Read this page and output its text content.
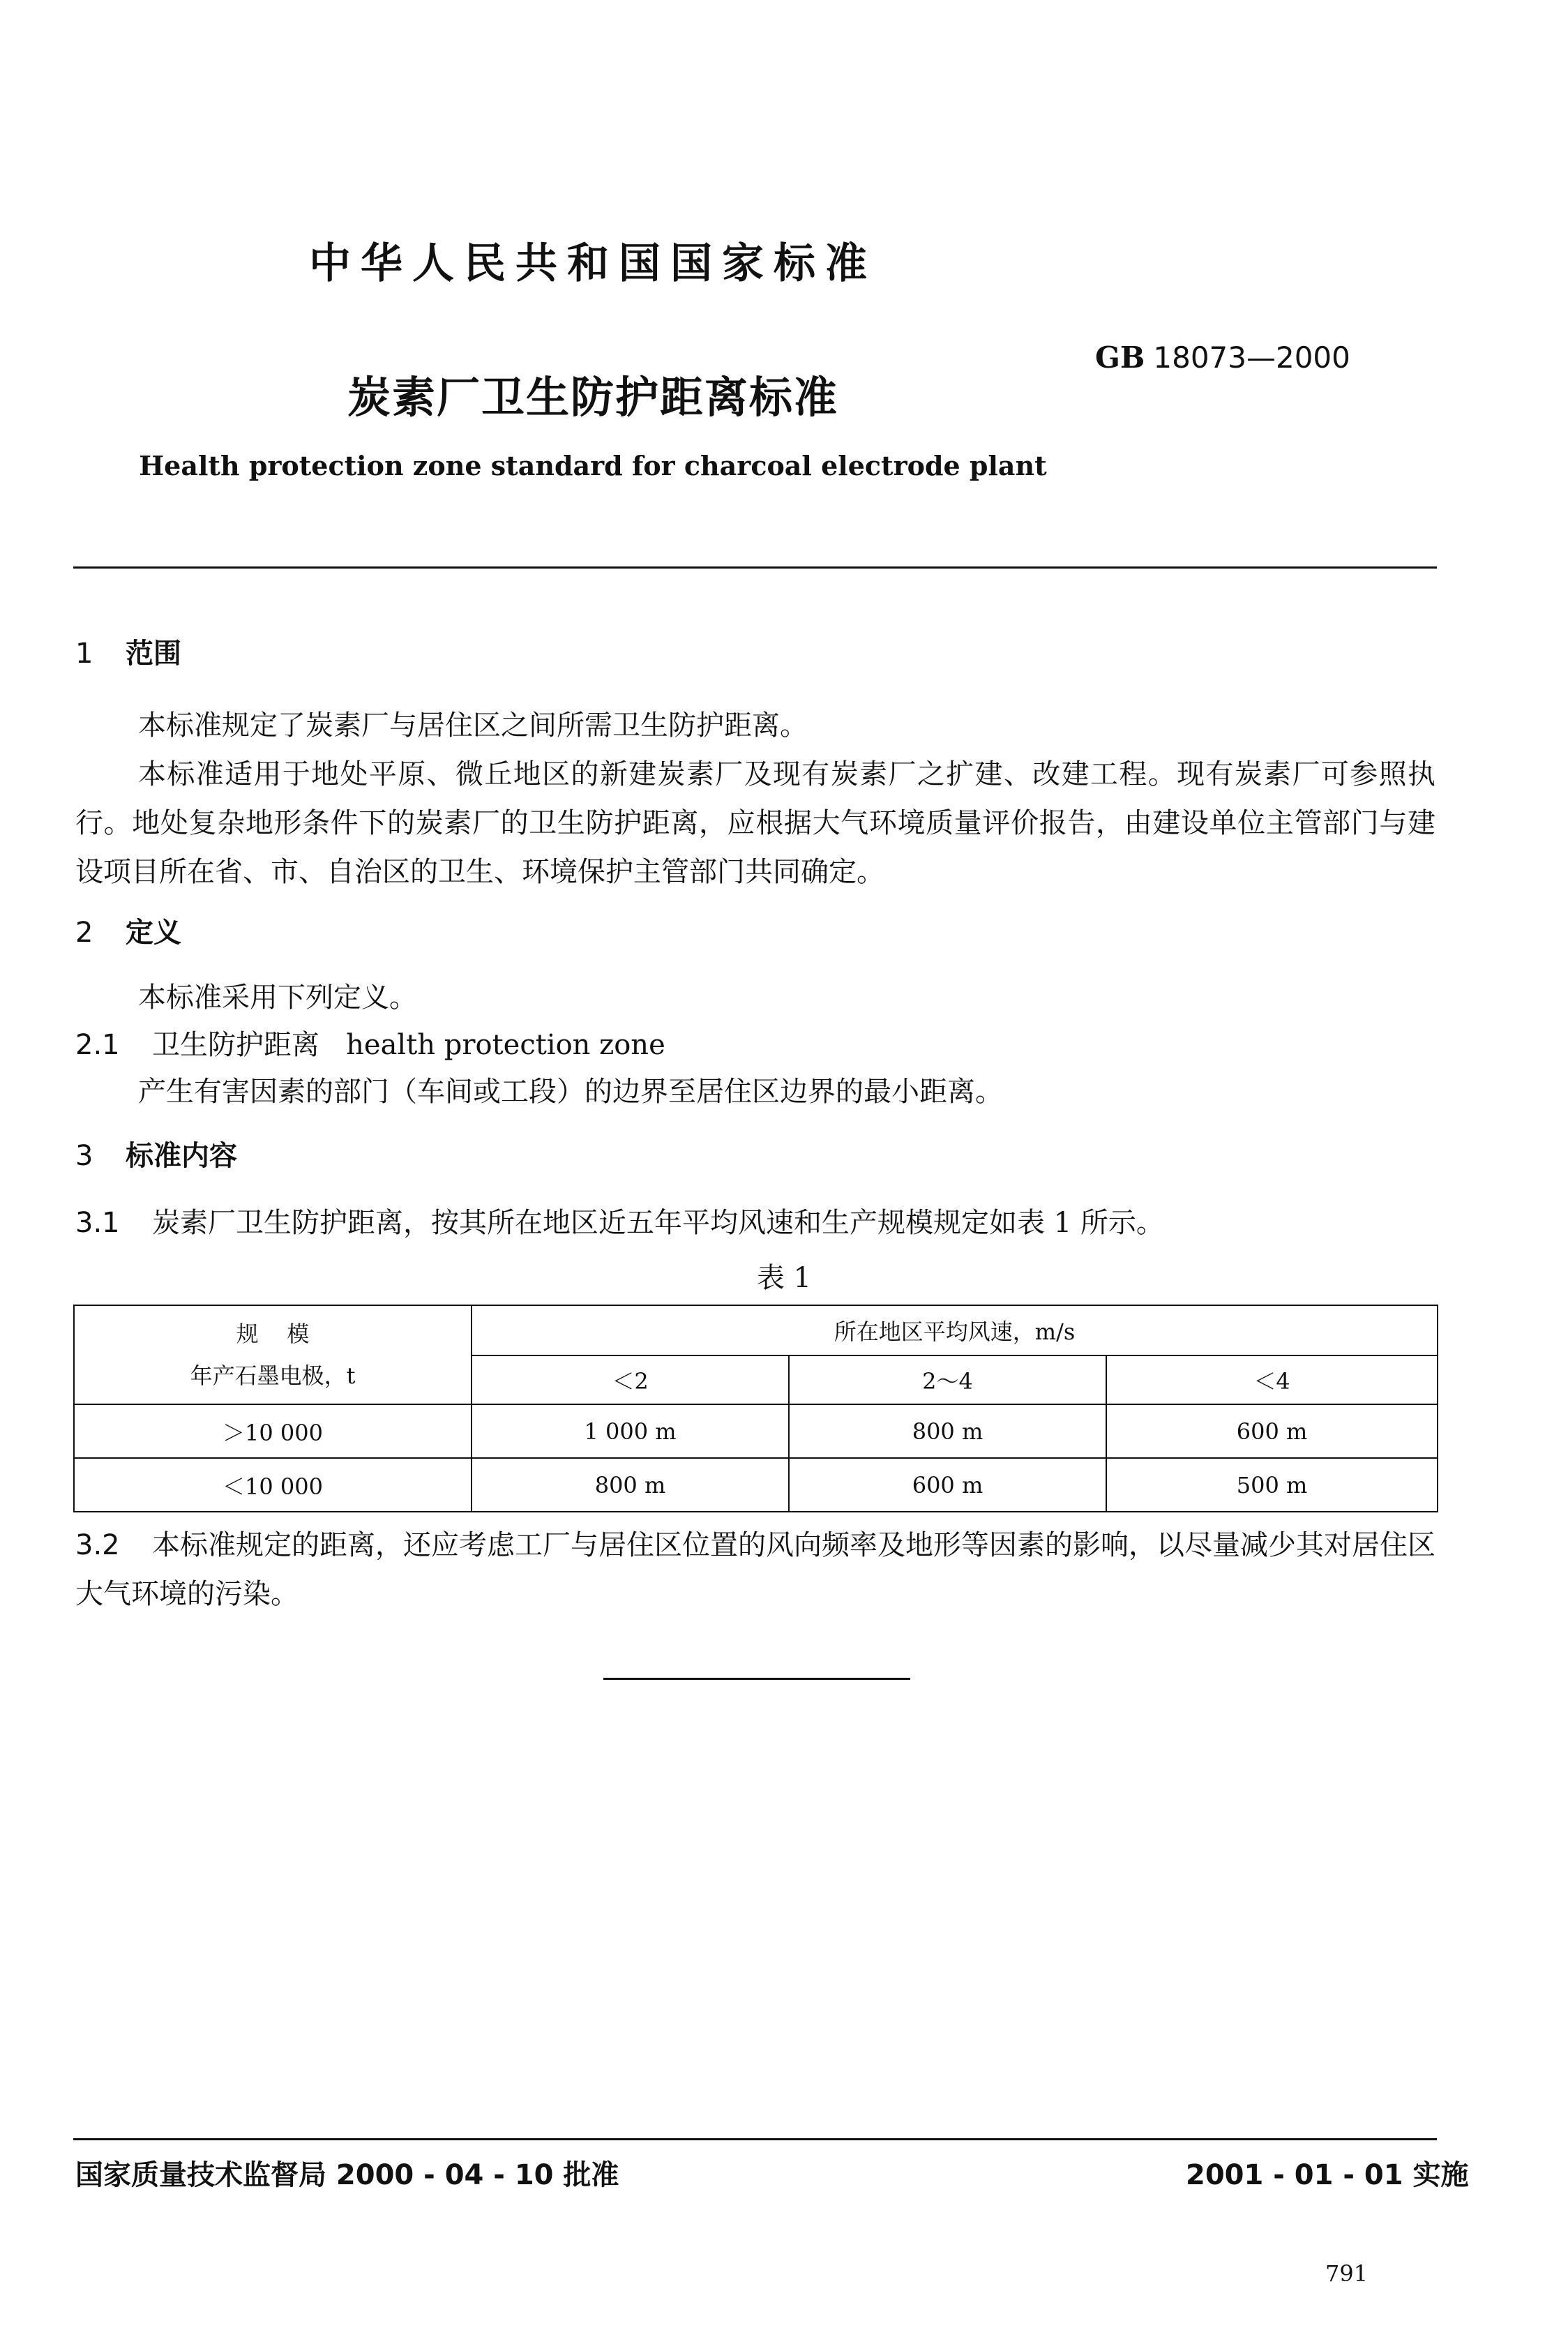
中华人民共和国国家标准
GB 18073—2000
炭素厂卫生防护距离标准
Health protection zone standard for charcoal electrode plant
1 范围

本标准规定了炭素厂与居住区之间所需卫生防护距离。

本标准适用于地处平原、微丘地区的新建炭素厂及现有炭素厂之扩建、改建工程。现有炭素厂可参照执行。地处复杂地形条件下的炭素厂的卫生防护距离，应根据大气环境质量评价报告，由建设单位主管部门与建设项目所在省、市、自治区的卫生、环境保护主管部门共同确定。

2 定义
本标准采用下列定义。
2.1 卫生防护距离   health protection zone
产生有害因素的部门（车间或工段）的边界至居住区边界的最小距离。
3 标准内容
3.1 炭素厂卫生防护距离，按其所在地区近五年平均风速和生产规模规定如表 1 所示。
表 1
规    模
年产石墨电极，t	所在地区平均风速，m/s		
	＜2	2～4	＜4
＞10 000	1 000 m	800 m	600 m
＜10 000	800 m	600 m	500 m
3.2 本标准规定的距离，还应考虑工厂与居住区位置的风向频率及地形等因素的影响，以尽量减少其对居住区大气环境的污染。
国家质量技术监督局 2000 - 04 - 10 批准	2001 - 01 - 01 实施
791
